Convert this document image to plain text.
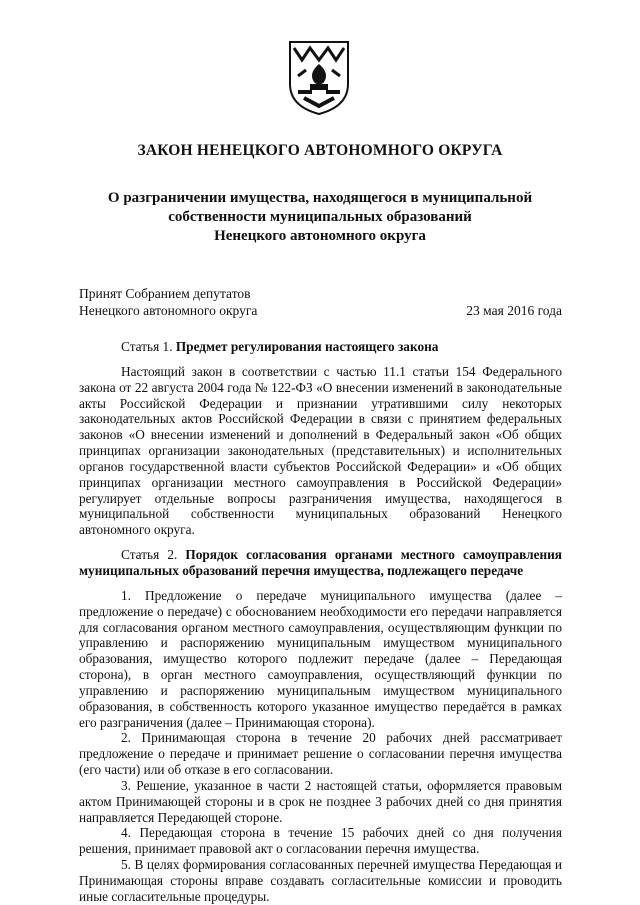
ЗАКОН НЕНЕЦКОГО АВТОНОМНОГО ОКРУГА
О разграничении имущества, находящегося в муниципальной
собственности муниципальных образований
Ненецкого автономного округа
Принят Собранием депутатов
Ненецкого автономного округа	23 мая 2016 года
Статья 1. Предмет регулирования настоящего закона

Настоящий закон в соответствии с частью 11.1 статьи 154 Федерального закона от 22 августа 2004 года № 122-ФЗ «О внесении изменений в законодательные акты Российской Федерации и признании утратившими силу некоторых законодательных актов Российской Федерации в связи с принятием федеральных законов «О внесении изменений и дополнений в Федеральный закон «Об общих принципах организации законодательных (представительных) и исполнительных органов государственной власти субъектов Российской Федерации» и «Об общих принципах организации местного самоуправления в Российской Федерации» регулирует отдельные вопросы разграничения имущества, находящегося в муниципальной собственности муниципальных образований Ненецкого автономного округа.

Статья 2. Порядок согласования органами местного самоуправления муниципальных образований перечня имущества, подлежащего передаче

1. Предложение о передаче муниципального имущества (далее – предложение о передаче) с обоснованием необходимости его передачи направляется для согласования органом местного самоуправления, осуществляющим функции по управлению и распоряжению муниципальным имуществом муниципального образования, имущество которого подлежит передаче (далее – Передающая сторона), в орган местного самоуправления, осуществляющий функции по управлению и распоряжению муниципальным имуществом муниципального образования, в собственность которого указанное имущество передаётся в рамках его разграничения (далее – Принимающая сторона).

2. Принимающая сторона в течение 20 рабочих дней рассматривает предложение о передаче и принимает решение о согласовании перечня имущества (его части) или об отказе в его согласовании.

3. Решение, указанное в части 2 настоящей статьи, оформляется правовым актом Принимающей стороны и в срок не позднее 3 рабочих дней со дня принятия направляется Передающей стороне.

4. Передающая сторона в течение 15 рабочих дней со дня получения решения, принимает правовой акт о согласовании перечня имущества.

5. В целях формирования согласованных перечней имущества Передающая и Принимающая стороны вправе создавать согласительные комиссии и проводить иные согласительные процедуры.
